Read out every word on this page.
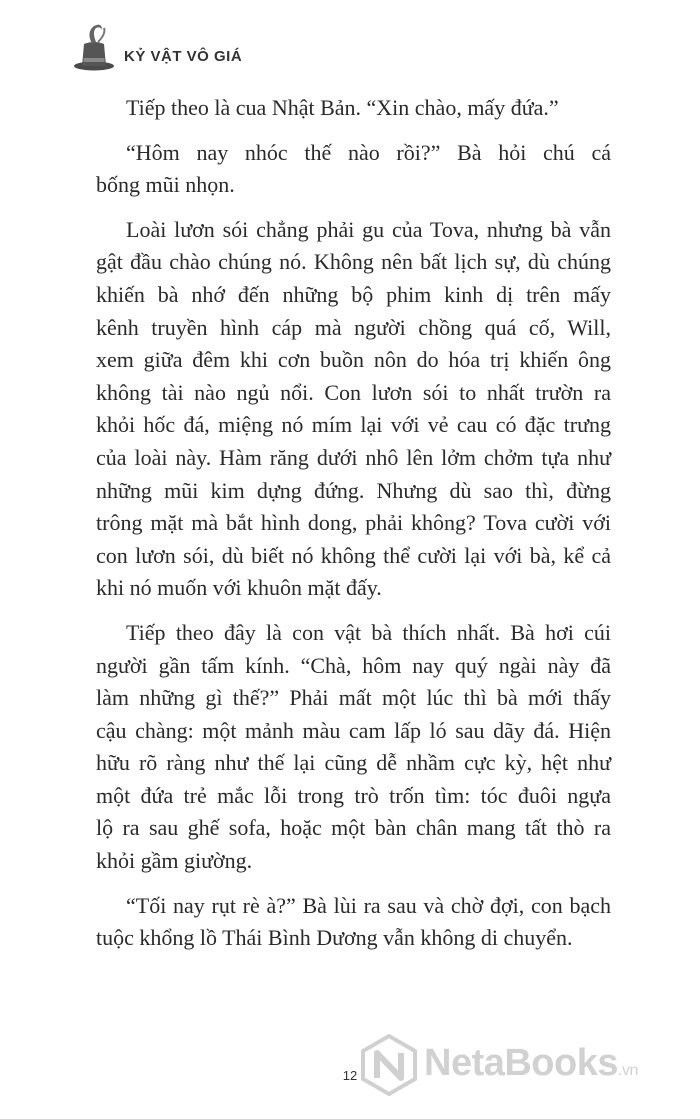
KỶ VẬT VÔ GIÁ
Tiếp theo là cua Nhật Bản. “Xin chào, mấy đứa.”
“Hôm nay nhóc thế nào rồi?” Bà hỏi chú cá
bống mũi nhọn.
Loài lươn sói chẳng phải gu của Tova, nhưng bà vẫn
gật đầu chào chúng nó. Không nên bất lịch sự, dù chúng
khiến bà nhớ đến những bộ phim kinh dị trên mấy
kênh truyền hình cáp mà người chồng quá cố, Will,
xem giữa đêm khi cơn buồn nôn do hóa trị khiến ông
không tài nào ngủ nổi. Con lươn sói to nhất trườn ra
khỏi hốc đá, miệng nó mím lại với vẻ cau có đặc trưng
của loài này. Hàm răng dưới nhô lên lởm chởm tựa như
những mũi kim dựng đứng. Nhưng dù sao thì, đừng
trông mặt mà bắt hình dong, phải không? Tova cười với
con lươn sói, dù biết nó không thể cười lại với bà, kể cả
khi nó muốn với khuôn mặt đấy.
Tiếp theo đây là con vật bà thích nhất. Bà hơi cúi
người gần tấm kính. “Chà, hôm nay quý ngài này đã
làm những gì thế?” Phải mất một lúc thì bà mới thấy
cậu chàng: một mảnh màu cam lấp ló sau dãy đá. Hiện
hữu rõ ràng như thế lại cũng dễ nhầm cực kỳ, hệt như
một đứa trẻ mắc lỗi trong trò trốn tìm: tóc đuôi ngựa
lộ ra sau ghế sofa, hoặc một bàn chân mang tất thò ra
khỏi gầm giường.
“Tối nay rụt rè à?” Bà lùi ra sau và chờ đợi, con bạch
tuộc khổng lồ Thái Bình Dương vẫn không di chuyển.
12	NetaBooks.vn
